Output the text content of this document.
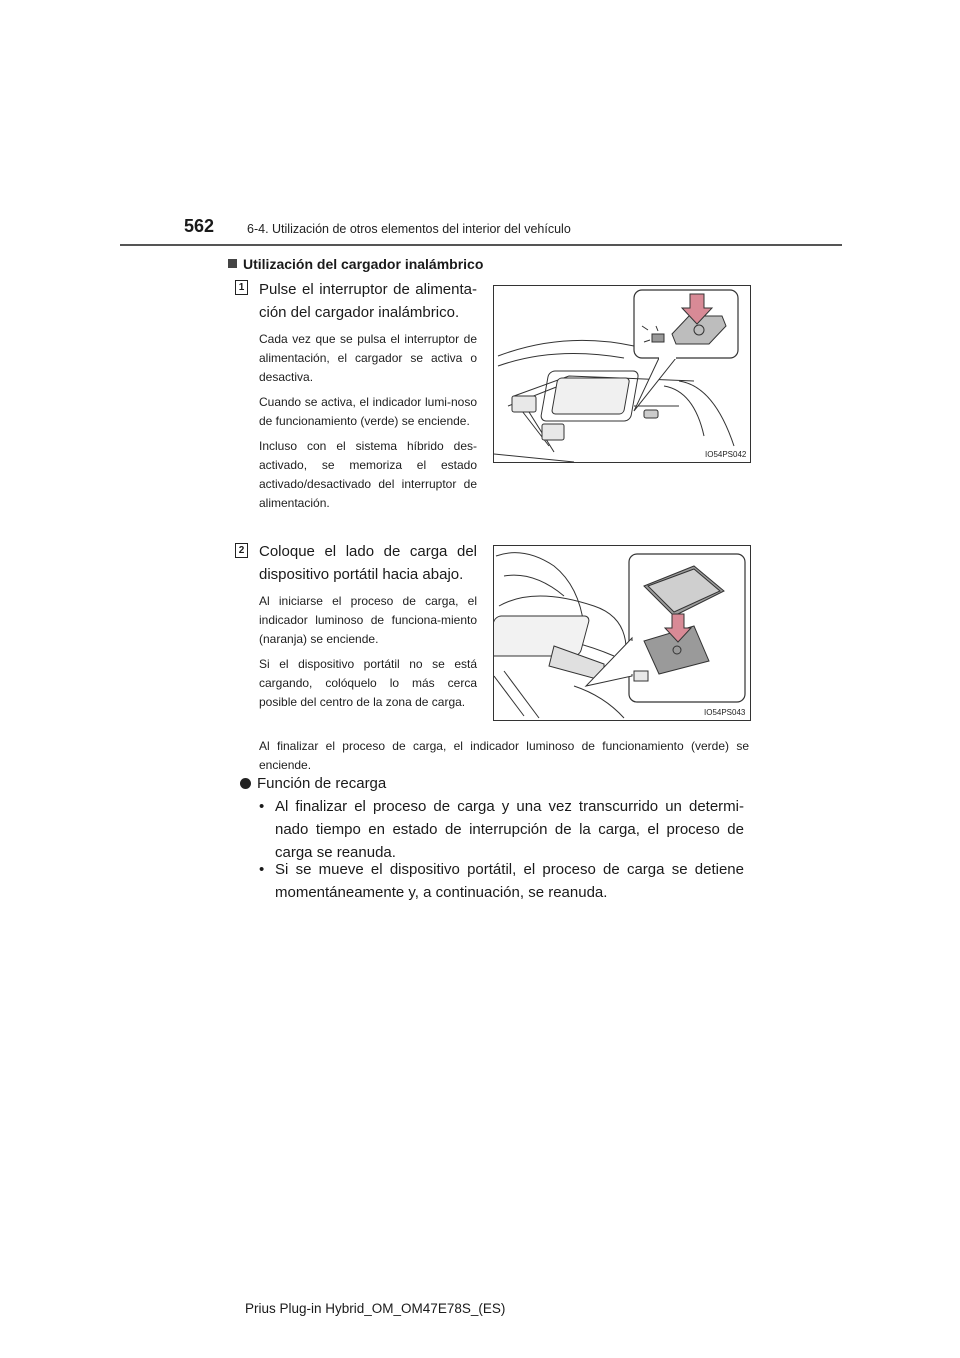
562	6-4. Utilización de otros elementos del interior del vehículo
Utilización del cargador inalámbrico
1 Pulse el interruptor de alimenta-ción del cargador inalámbrico.

Cada vez que se pulsa el interruptor de alimentación, el cargador se activa o desactiva.

Cuando se activa, el indicador lumi-noso de funcionamiento (verde) se enciende.

Incluso con el sistema híbrido des-activado, se memoriza el estado activado/desactivado del interruptor de alimentación.

IO54PS042
2 Coloque el lado de carga del dispositivo portátil hacia abajo.

Al iniciarse el proceso de carga, el indicador luminoso de funciona-miento (naranja) se enciende.

Si el dispositivo portátil no se está cargando, colóquelo lo más cerca posible del centro de la zona de carga.

IO54PS043
Al finalizar el proceso de carga, el indicador luminoso de funcionamiento (verde) se enciende.
Función de recarga
• Al finalizar el proceso de carga y una vez transcurrido un determi-nado tiempo en estado de interrupción de la carga, el proceso de carga se reanuda.
• Si se mueve el dispositivo portátil, el proceso de carga se detiene momentáneamente y, a continuación, se reanuda.
Prius Plug-in Hybrid_OM_OM47E78S_(ES)
